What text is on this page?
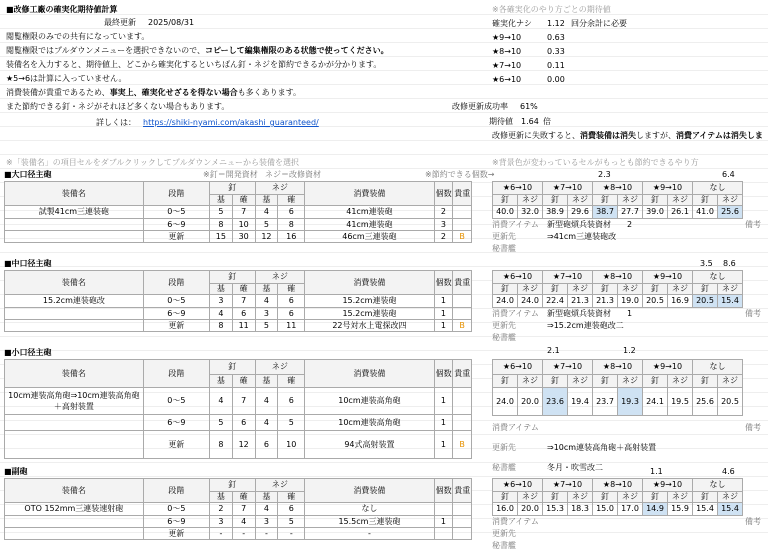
■改修工廠の確実化期待値計算
最終更新 2025/08/31
閲覧権限のみでの共有になっています。
閲覧権限ではプルダウンメニューを選択できないので、コピーして編集権限のある状態で使ってください。
装備名を入力すると、期待値上、どこから確実化するといちばん釘・ネジを節約できるかが分かります。
★5→6は計算に入っていません。
消費装備が貴重であるため、事実上、確実化せざるを得ない場合も多くあります。
また節約できる釘・ネジがそれほど多くない場合もあります。
詳しくは： https://shiki-nyami.com/akashi_guaranteed/
※各確実化のやり方ごとの期待値
確実化ナシ 1.12 回分余計に必要
★9→10	0.63
★8→10	0.33
★7→10	0.11
★6→10	0.00
改修更新成功率 61%
期待値 1.64 倍
改修更新に失敗すると、消費装備は消失しますが、消費アイテムは消失しま
※「装備名」の項目セルをダブルクリックしてプルダウンメニューから装備を選択	※背景色が変わっているセルがもっとも節約できるやり方
■大口径主砲	※釘＝開発資材 ネジ＝改修資材	※節約できる個数→	2.3	6.4
装備名	段階	釘		ネジ		消費装備	個数	貴重
		基	確	基	確			
試製41cm三連装砲	0〜5	5	7	4	6	41cm連装砲	2	
	6〜9	8	10	5	8	41cm連装砲	3	
	更新	15	30	12	16	46cm三連装砲	2	B
★6→10		★7→10		★8→10		★9→10		なし	
釘	ネジ	釘	ネジ	釘	ネジ	釘	ネジ	釘	ネジ
40.0	32.0	38.9	29.6	38.7	27.7	39.0	26.1	41.0	25.6
消費アイテム 新型砲熕兵装資材 2	備考
更新先	⇒41cm三連装砲改
秘書艦
■中口径主砲	3.5 8.6
装備名	段階	釘		ネジ		消費装備	個数	貴重
		基	確	基	確			
15.2cm連装砲改	0〜5	3	7	4	6	15.2cm連装砲	1	
	6〜9	4	6	3	6	15.2cm連装砲	1	
	更新	8	11	5	11	22号対水上電探改四	1	B
★6→10		★7→10		★8→10		★9→10		なし	
釘	ネジ	釘	ネジ	釘	ネジ	釘	ネジ	釘	ネジ
24.0	24.0	22.4	21.3	21.3	19.0	20.5	16.9	20.5	15.4
消費アイテム 新型砲熕兵装資材 1	備考
更新先	⇒15.2cm連装砲改二
秘書艦
■小口径主砲	2.1	1.2
装備名	段階	釘		ネジ		消費装備	個数	貴重
		基	確	基	確			
10cm連装高角砲⇒10cm連装高角砲＋高射装置	0〜5	4	7	4	6	10cm連装高角砲	1	
	6〜9	5	6	4	5	10cm連装高角砲	1	
	更新	8	12	6	10	94式高射装置	1	B
★6→10		★7→10		★8→10		★9→10		なし	
釘	ネジ	釘	ネジ	釘	ネジ	釘	ネジ	釘	ネジ
24.0	20.0	23.6	19.4	23.7	19.3	24.1	19.5	25.6	20.5
消費アイテム	備考
更新先	⇒10cm連装高角砲＋高射装置
秘書艦	冬月・吹雪改二
■副砲	1.1	4.6
装備名	段階	釘		ネジ		消費装備	個数	貴重
		基	確	基	確			
OTO 152mm三連装速射砲	0〜5	2	7	4	6	なし		
	6〜9	3	4	3	5	15.5cm三連装砲	1	
	更新	-	-	-	-	-		
★6→10		★7→10		★8→10		★9→10		なし	
釘	ネジ	釘	ネジ	釘	ネジ	釘	ネジ	釘	ネジ
16.0	20.0	15.3	18.3	15.0	17.0	14.9	15.9	15.4	15.4
消費アイテム	備考
更新先
秘書艦
